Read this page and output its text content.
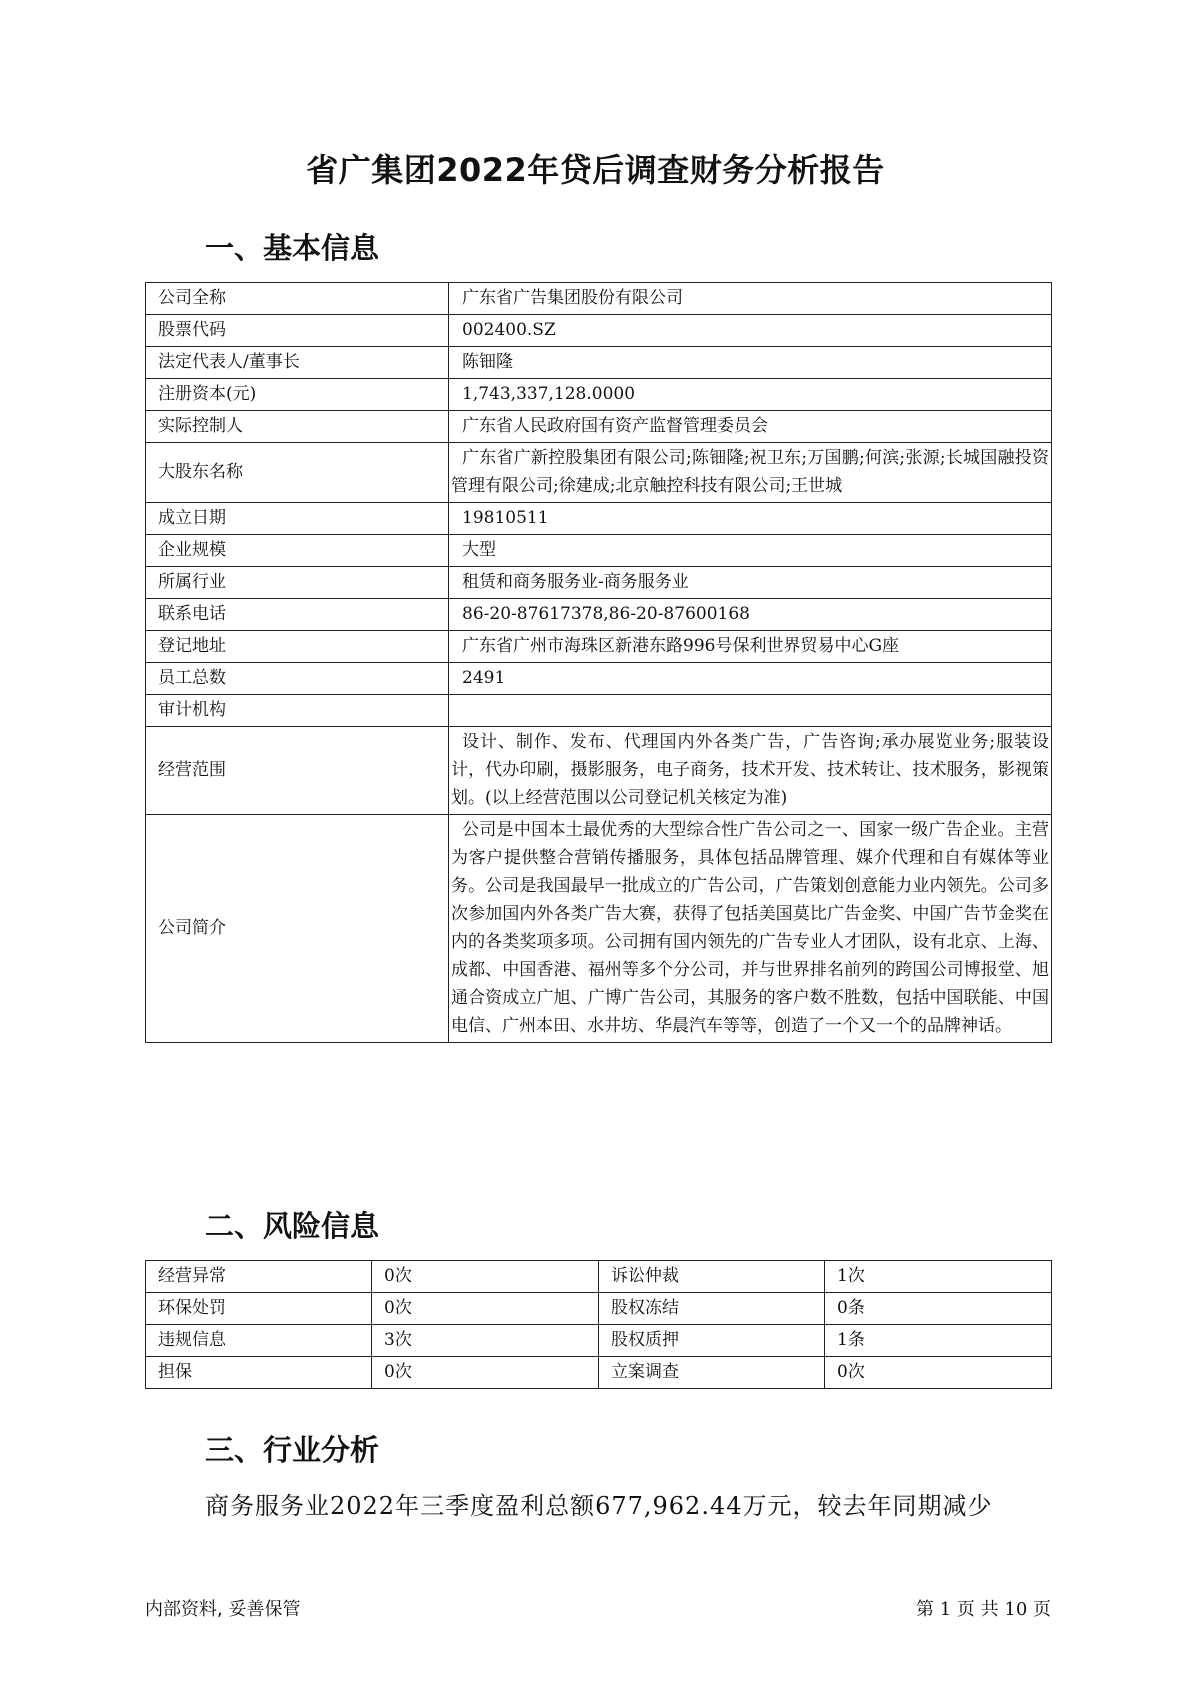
省广集团2022年贷后调查财务分析报告
一、基本信息
公司全称	广东省广告集团股份有限公司
股票代码	002400.SZ
法定代表人/董事长	陈钿隆
注册资本(元)	1,743,337,128.0000
实际控制人	广东省人民政府国有资产监督管理委员会
大股东名称	广东省广新控股集团有限公司;陈钿隆;祝卫东;万国鹏;何滨;张源;长城国融投资管理有限公司;徐建成;北京触控科技有限公司;王世城
成立日期	19810511
企业规模	大型
所属行业	租赁和商务服务业-商务服务业
联系电话	86-20-87617378,86-20-87600168
登记地址	广东省广州市海珠区新港东路996号保利世界贸易中心G座
员工总数	2491
审计机构	
经营范围	设计、制作、发布、代理国内外各类广告，广告咨询;承办展览业务;服装设计，代办印刷，摄影服务，电子商务，技术开发、技术转让、技术服务，影视策划。(以上经营范围以公司登记机关核定为准)
公司简介	公司是中国本土最优秀的大型综合性广告公司之一、国家一级广告企业。主营为客户提供整合营销传播服务，具体包括品牌管理、媒介代理和自有媒体等业务。公司是我国最早一批成立的广告公司，广告策划创意能力业内领先。公司多次参加国内外各类广告大赛，获得了包括美国莫比广告金奖、中国广告节金奖在内的各类奖项多项。公司拥有国内领先的广告专业人才团队，设有北京、上海、成都、中国香港、福州等多个分公司，并与世界排名前列的跨国公司博报堂、旭通合资成立广旭、广博广告公司，其服务的客户数不胜数，包括中国联能、中国电信、广州本田、水井坊、华晨汽车等等，创造了一个又一个的品牌神话。
二、风险信息
经营异常	0次	诉讼仲裁	1次
环保处罚	0次	股权冻结	0条
违规信息	3次	股权质押	1条
担保	0次	立案调查	0次
三、行业分析
商务服务业2022年三季度盈利总额677,962.44万元，较去年同期减少
内部资料, 妥善保管	第 1 页 共 10 页
